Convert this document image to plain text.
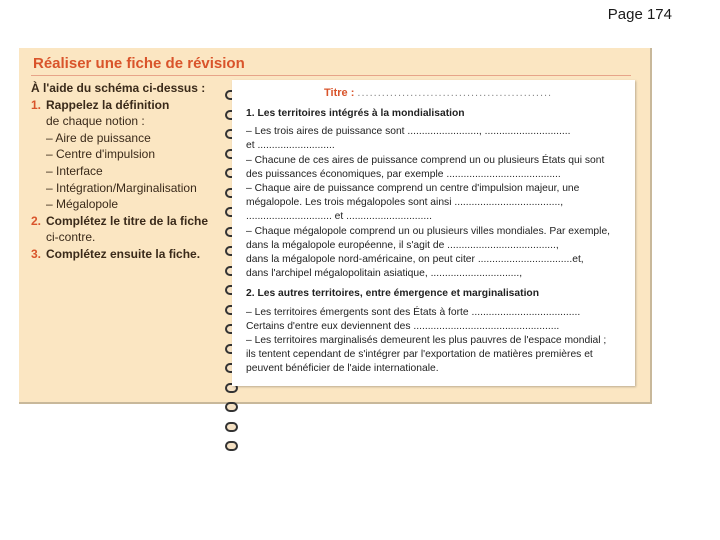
Page 174
Réaliser une fiche de révision
À l'aide du schéma ci-dessus :
1. Rappelez la définition
de chaque notion :
– Aire de puissance
– Centre d'impulsion
– Interface
– Intégration/Marginalisation
– Mégalopole
2. Complétez le titre de la fiche
ci-contre.
3. Complétez ensuite la fiche.
Titre : ................................................
1. Les territoires intégrés à la mondialisation
– Les trois aires de puissance sont ........................., ..............................
et ...........................
– Chacune de ces aires de puissance comprend un ou plusieurs États qui sont
des puissances économiques, par exemple ........................................
– Chaque aire de puissance comprend un centre d'impulsion majeur, une
mégalopole. Les trois mégalopoles sont ainsi .....................................,
.............................. et ..............................
– Chaque mégalopole comprend un ou plusieurs villes mondiales. Par exemple,
dans la mégalopole européenne, il s'agit de ......................................,
dans la mégalopole nord-américaine, on peut citer .................................et,
dans l'archipel mégalopolitain asiatique, ...............................,
2. Les autres territoires, entre émergence et marginalisation
– Les territoires émergents sont des États à forte ......................................
Certains d'entre eux deviennent des ...................................................
– Les territoires marginalisés demeurent les plus pauvres de l'espace mondial ;
ils tentent cependant de s'intégrer par l'exportation de matières premières et
peuvent bénéficier de l'aide internationale.
